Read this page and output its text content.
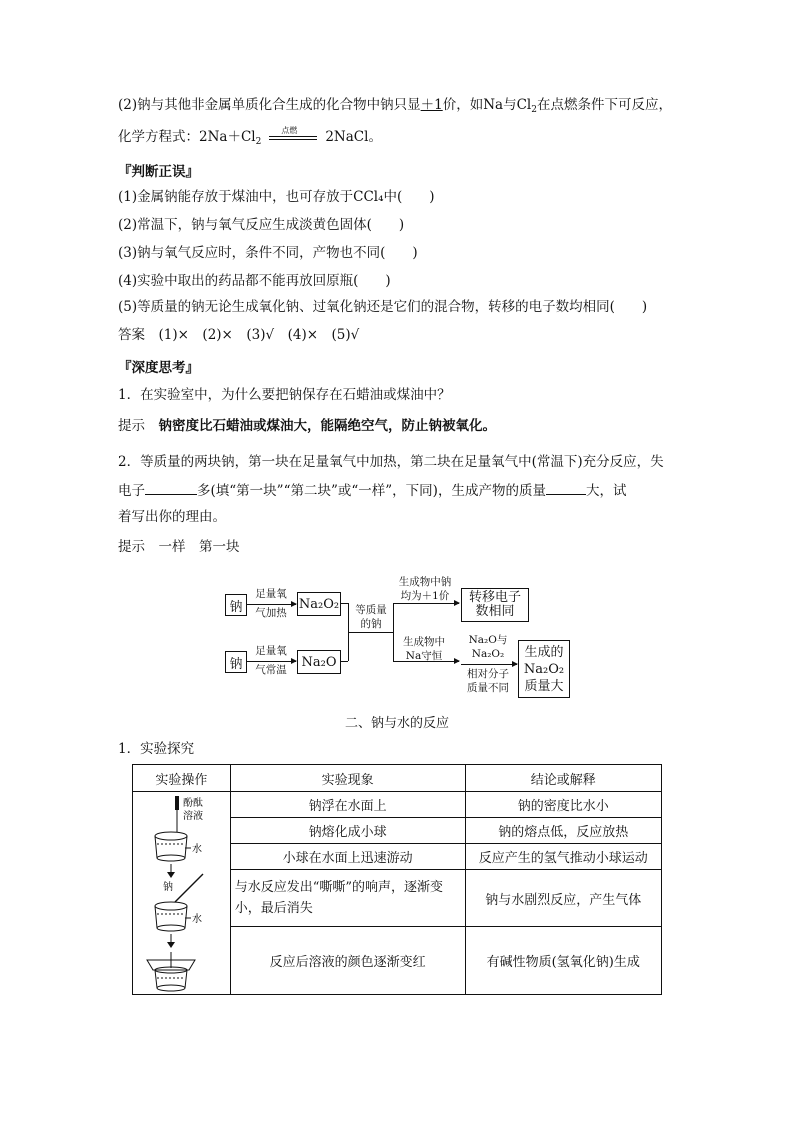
(2)钠与其他非金属单质化合生成的化合物中钠只显＋1价，如Na与$Cl_2$在点燃条件下可反应，
化学方程式：$2Na+Cl_2$
点燃 2NaCl。
『判断正误』
(1)金属钠能存放于煤油中，也可存放于CCl₄中(　　)
(2)常温下，钠与氧气反应生成淡黄色固体(　　)
(3)钠与氧气反应时，条件不同，产物也不同(　　)
(4)实验中取出的药品都不能再放回原瓶(　　)
(5)等质量的钠无论生成氧化钠、过氧化钠还是它们的混合物，转移的电子数均相同(　　)
答案　 (1)×　(2)×　(3)√　(4)×　(5)√
『深度思考』
1．在实验室中，为什么要把钠保存在石蜡油或煤油中？
提示　 钠密度比石蜡油或煤油大，能隔绝空气，防止钠被氧化。
2．等质量的两块钠，第一块在足量氧气中加热，第二块在足量氧气中(常温下)充分反应，失
电子	多(填“第一块”“第二块”或“一样”，下同)，生成产物的质量	大，试
着写出你的理由。
提示　一样　第一块
钠
钠
足量氧
气加热
足量氧
气常温
Na₂O₂
Na₂O
等质量
的钠
生成物中钠
均为＋1价	转移电子
数相同
生成物中
Na守恒
Na₂O与
Na₂O₂
相对分子
质量不同
生成的
Na₂O₂
质量大
二、钠与水的反应
1．实验探究
实验操作	实验现象	结论或解释

酚酞
溶液
水
钠
水	钠浮在水面上	钠的密度比水小
	钠熔化成小球	钠的熔点低，反应放热
	小球在水面上迅速游动	反应产生的氢气推动小球运动
	与水反应发出“嘶嘶”的响声，逐渐变小，最后消失	钠与水剧烈反应，产生气体
	反应后溶液的颜色逐渐变红	有碱性物质(氢氧化钠)生成
